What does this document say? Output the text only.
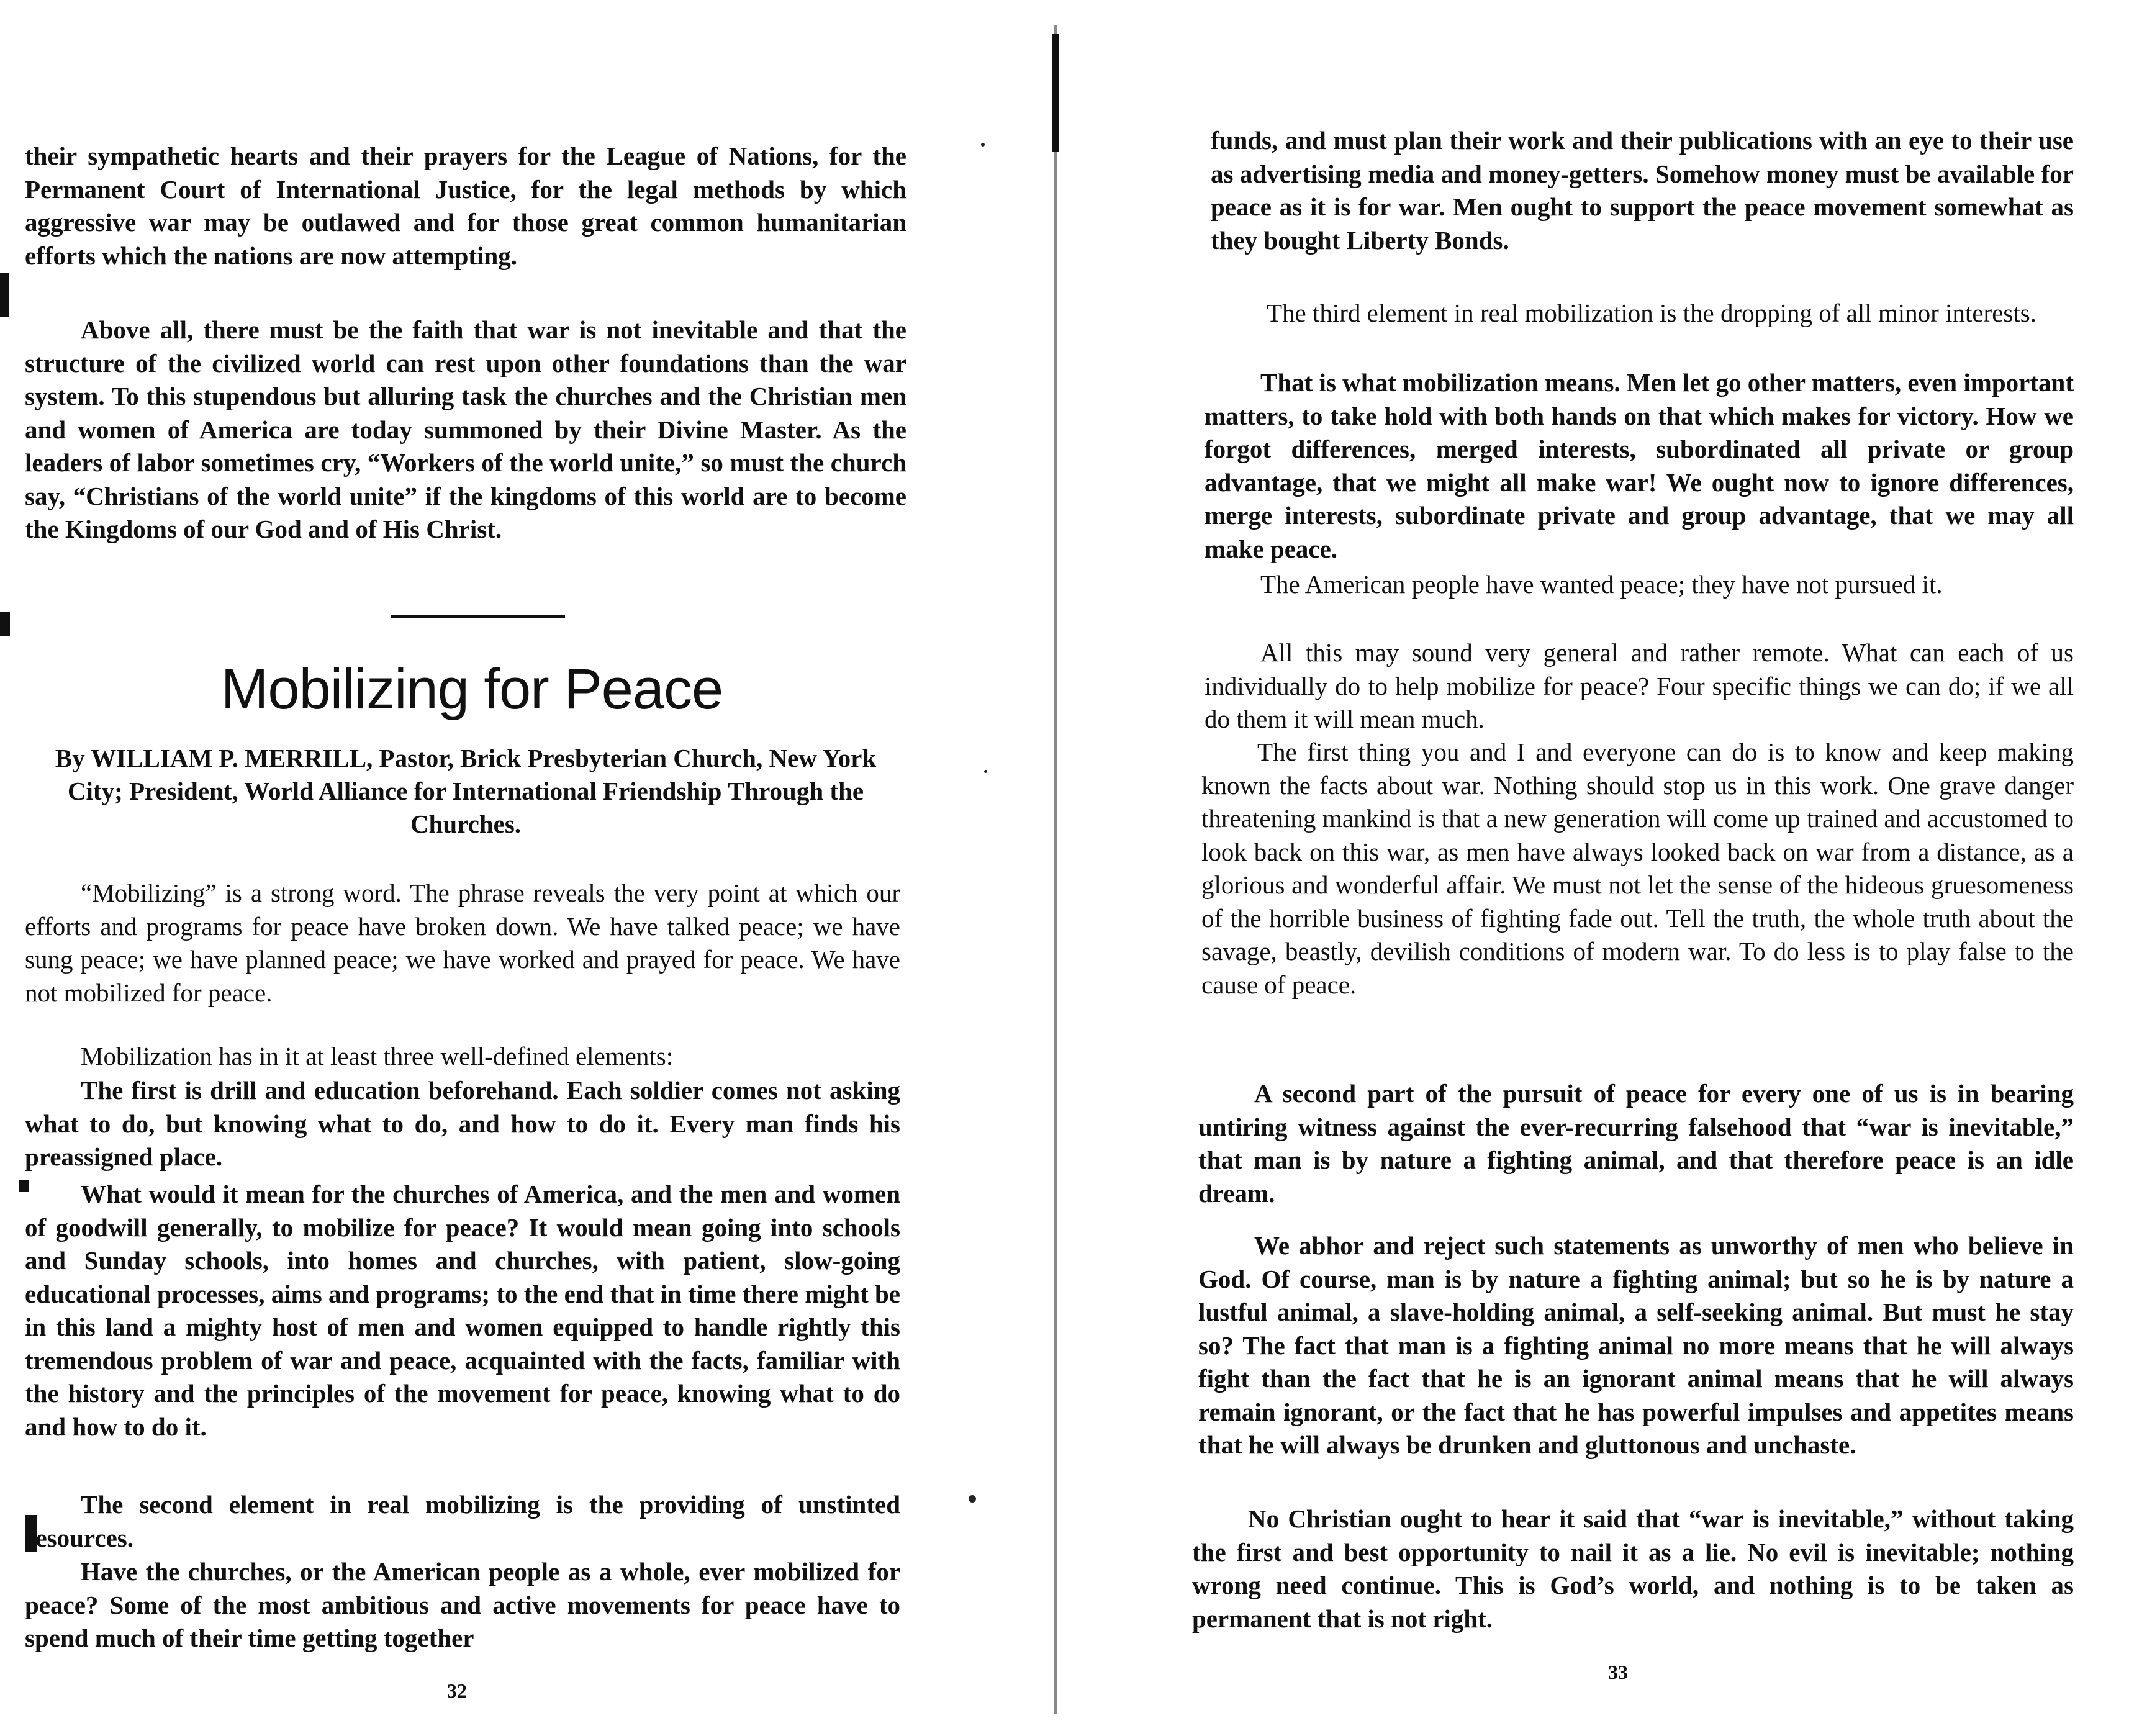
their sympathetic hearts and their prayers for the League of Nations, for the Permanent Court of International Justice, for the legal methods by which aggressive war may be outlawed and for those great common humanitarian efforts which the nations are now attempting.

Above all, there must be the faith that war is not inevitable and that the structure of the civilized world can rest upon other foundations than the war system. To this stupendous but alluring task the churches and the Christian men and women of America are today summoned by their Divine Master. As the leaders of labor sometimes cry, “Workers of the world unite,” so must the church say, “Christians of the world unite” if the kingdoms of this world are to become the Kingdoms of our God and of His Christ.

Mobilizing for Peace

By WILLIAM P. MERRILL, Pastor, Brick Presbyterian Church, New York City; President, World Alliance for International Friendship Through the Churches.

“Mobilizing” is a strong word. The phrase reveals the very point at which our efforts and programs for peace have broken down. We have talked peace; we have sung peace; we have planned peace; we have worked and prayed for peace. We have not mobilized for peace.

Mobilization has in it at least three well-defined elements:

The first is drill and education beforehand. Each soldier comes not asking what to do, but knowing what to do, and how to do it. Every man finds his preassigned place.

What would it mean for the churches of America, and the men and women of goodwill generally, to mobilize for peace? It would mean going into schools and Sunday schools, into homes and churches, with patient, slow-going educational processes, aims and programs; to the end that in time there might be in this land a mighty host of men and women equipped to handle rightly this tremendous problem of war and peace, acquainted with the facts, familiar with the history and the principles of the movement for peace, knowing what to do and how to do it.

The second element in real mobilizing is the providing of unstinted resources.

Have the churches, or the American people as a whole, ever mobilized for peace? Some of the most ambitious and active movements for peace have to spend much of their time getting together

32

funds, and must plan their work and their publications with an eye to their use as advertising media and money-getters. Somehow money must be available for peace as it is for war. Men ought to support the peace movement somewhat as they bought Liberty Bonds.

The third element in real mobilization is the dropping of all minor interests.

That is what mobilization means. Men let go other matters, even important matters, to take hold with both hands on that which makes for victory. How we forgot differences, merged interests, subordinated all private or group advantage, that we might all make war! We ought now to ignore differences, merge interests, subordinate private and group advantage, that we may all make peace.

The American people have wanted peace; they have not pursued it.

All this may sound very general and rather remote. What can each of us individually do to help mobilize for peace? Four specific things we can do; if we all do them it will mean much.

The first thing you and I and everyone can do is to know and keep making known the facts about war. Nothing should stop us in this work. One grave danger threatening mankind is that a new generation will come up trained and accustomed to look back on this war, as men have always looked back on war from a distance, as a glorious and wonderful affair. We must not let the sense of the hideous gruesomeness of the horrible business of fighting fade out. Tell the truth, the whole truth about the savage, beastly, devilish conditions of modern war. To do less is to play false to the cause of peace.

A second part of the pursuit of peace for every one of us is in bearing untiring witness against the ever-recurring falsehood that “war is inevitable,” that man is by nature a fighting animal, and that therefore peace is an idle dream.

We abhor and reject such statements as unworthy of men who believe in God. Of course, man is by nature a fighting animal; but so he is by nature a lustful animal, a slave-holding animal, a self-seeking animal. But must he stay so? The fact that man is a fighting animal no more means that he will always fight than the fact that he is an ignorant animal means that he will always remain ignorant, or the fact that he has powerful impulses and appetites means that he will always be drunken and gluttonous and unchaste.

No Christian ought to hear it said that “war is inevitable,” without taking the first and best opportunity to nail it as a lie. No evil is inevitable; nothing wrong need continue. This is God’s world, and nothing is to be taken as permanent that is not right.

33
